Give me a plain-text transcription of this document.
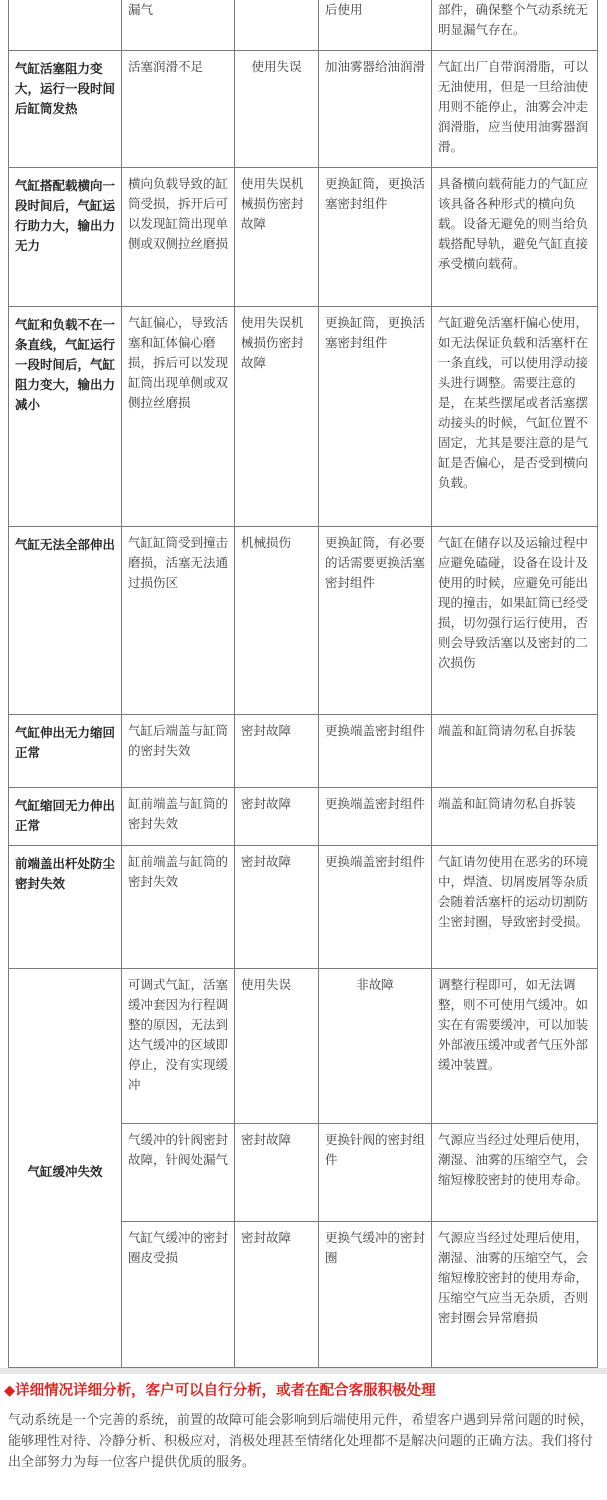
	漏气		后使用	部件，确保整个气动系统无明显漏气存在。
气缸活塞阻力变大，运行一段时间后缸筒发热	活塞润滑不足	使用失误	加油雾器给油润滑	气缸出厂自带润滑脂，可以无油使用，但是一旦给油使用则不能停止，油雾会冲走润滑脂，应当使用油雾器润滑。
气缸搭配载横向一段时间后，气缸运行助力大，输出力无力	横向负载导致的缸筒受损，拆开后可以发现缸筒出现单侧或双侧拉丝磨损	使用失误机械损伤密封故障	更换缸筒，更换活塞密封组件	具备横向载荷能力的气缸应该具备各种形式的横向负载。设备无避免的则当给负载搭配导轨，避免气缸直接承受横向载荷。
气缸和负载不在一条直线，气缸运行一段时间后，气缸阻力变大，输出力减小	气缸偏心，导致活塞和缸体偏心磨损，拆后可以发现缸筒出现单侧或双侧拉丝磨损	使用失误机械损伤密封故障	更换缸筒，更换活塞密封组件	气缸避免活塞杆偏心使用，如无法保证负载和活塞杆在一条直线，可以使用浮动接头进行调整。需要注意的是，在某些摆尾或者活塞摆动接头的时候，气缸位置不固定，尤其是要注意的是气缸是否偏心，是否受到横向负载。
气缸无法全部伸出	气缸缸筒受到撞击磨损，活塞无法通过损伤区	机械损伤	更换缸筒，有必要的话需要更换活塞密封组件	气缸在储存以及运输过程中应避免磕碰，设备在设计及使用的时候，应避免可能出现的撞击，如果缸筒已经受损，切勿强行运行使用，否则会导致活塞以及密封的二次损伤
气缸伸出无力缩回正常	气缸后端盖与缸筒的密封失效	密封故障	更换端盖密封组件	端盖和缸筒请勿私自拆装
气缸缩回无力伸出正常	缸前端盖与缸筒的密封失效	密封故障	更换端盖密封组件	端盖和缸筒请勿私自拆装
前端盖出杆处防尘密封失效	缸前端盖与缸筒的密封失效	密封故障	更换端盖密封组件	气缸请勿使用在恶劣的环境中，焊渣、切屑废屑等杂质会随着活塞杆的运动切割防尘密封圈，导致密封受损。
气缸缓冲失效	可调式气缸，活塞缓冲套因为行程调整的原因，无法到达气缓冲的区域即停止，没有实现缓冲	使用失误	非故障	调整行程即可，如无法调整，则不可使用气缓冲。如实在有需要缓冲，可以加装外部液压缓冲或者气压外部缓冲装置。
	气缓冲的针阀密封故障，针阀处漏气	密封故障	更换针阀的密封组件	气源应当经过处理后使用，潮湿、油雾的压缩空气，会缩短橡胶密封的使用寿命。
	气缸气缓冲的密封圈皮受损	密封故障	更换气缓冲的密封圈	气源应当经过处理后使用，潮湿、油雾的压缩空气，会缩短橡胶密封的使用寿命，压缩空气应当无杂质，否则密封圈会异常磨损
◆详细情况详细分析，客户可以自行分析，或者在配合客服积极处理
气动系统是一个完善的系统，前置的故障可能会影响到后端使用元件，希望客户遇到异常问题的时候，能够理性对待、冷静分析、积极应对，消极处理甚至情绪化处理都不是解决问题的正确方法。我们将付出全部努力为每一位客户提供优质的服务。
